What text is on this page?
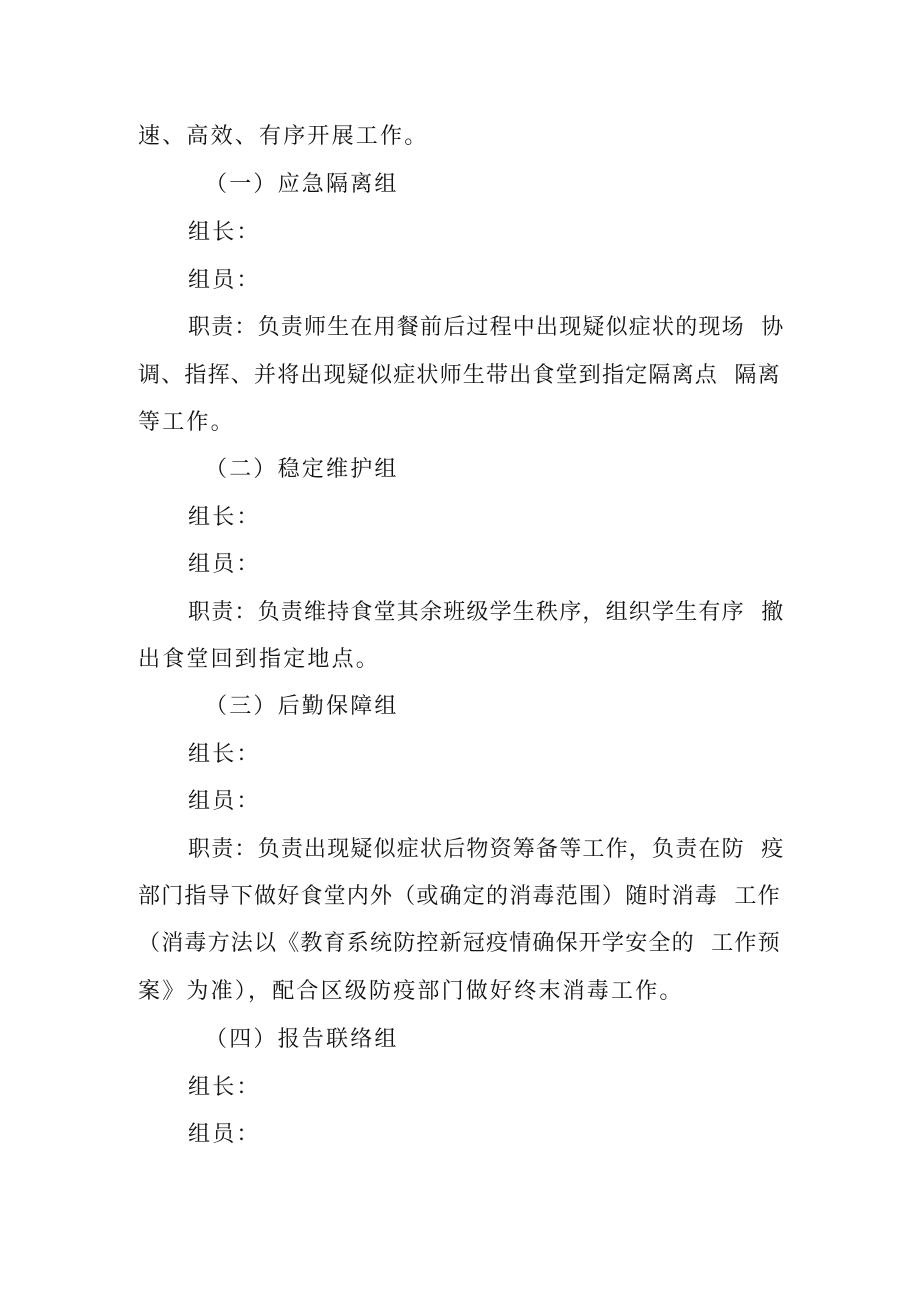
速、高效、有序开展工作。
（一）应急隔离组
组长：
组员：
职责：负责师生在用餐前后过程中出现疑似症状的现场  协
调、指挥、并将出现疑似症状师生带出食堂到指定隔离点  隔离
等工作。
（二）稳定维护组
组长：
组员：
职责：负责维持食堂其余班级学生秩序，组织学生有序  撤
出食堂回到指定地点。
（三）后勤保障组
组长：
组员：
职责：负责出现疑似症状后物资筹备等工作，负责在防  疫
部门指导下做好食堂内外（或确定的消毒范围）随时消毒  工作
（消毒方法以《教育系统防控新冠疫情确保开学安全的  工作预
案》为准），配合区级防疫部门做好终末消毒工作。
（四）报告联络组
组长：
组员：
